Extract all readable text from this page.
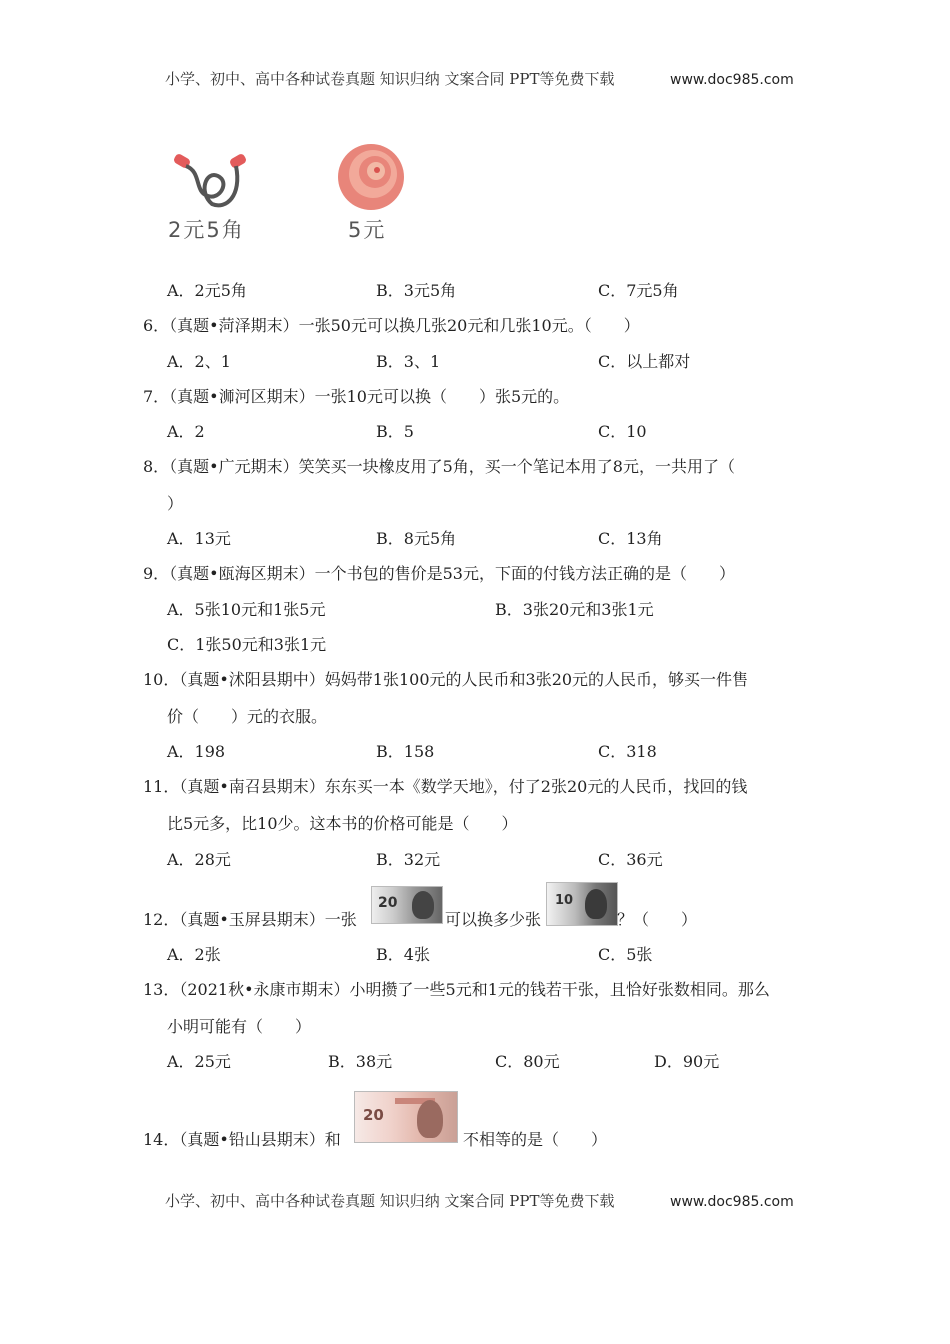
小学、初中、高中各种试卷真题 知识归纳 文案合同 PPT等免费下载	www.doc985.com
2元5角	5元
A．2元5角	B．3元5角	C．7元5角
6．（真题•菏泽期末）一张50元可以换几张20元和几张10元。（　　）
A．2、1	B．3、1	C．以上都对
7．（真题•浉河区期末）一张10元可以换（　　）张5元的。
A．2	B．5	C．10
8．（真题•广元期末）笑笑买一块橡皮用了5角，买一个笔记本用了8元，一共用了（
）
A．13元	B．8元5角	C．13角
9．（真题•瓯海区期末）一个书包的售价是53元，下面的付钱方法正确的是（　　）
A．5张10元和1张5元	B．3张20元和3张1元
C．1张50元和3张1元
10．（真题•沭阳县期中）妈妈带1张100元的人民币和3张20元的人民币，够买一件售
价（　　）元的衣服。
A．198	B．158	C．318
11．（真题•南召县期末）东东买一本《数学天地》，付了2张20元的人民币，找回的钱
比5元多，比10少。这本书的价格可能是（　　）
A．28元	B．32元	C．36元
12．（真题•玉屏县期末）一张
20
可以换多少张
10
？（　　）
A．2张	B．4张	C．5张
13．（2021秋•永康市期末）小明攒了一些5元和1元的钱若干张，且恰好张数相同。那么
小明可能有（　　）
A．25元	B．38元	C．80元	D．90元
14．（真题•铅山县期末）和
20
不相等的是（　　）
小学、初中、高中各种试卷真题 知识归纳 文案合同 PPT等免费下载	www.doc985.com
